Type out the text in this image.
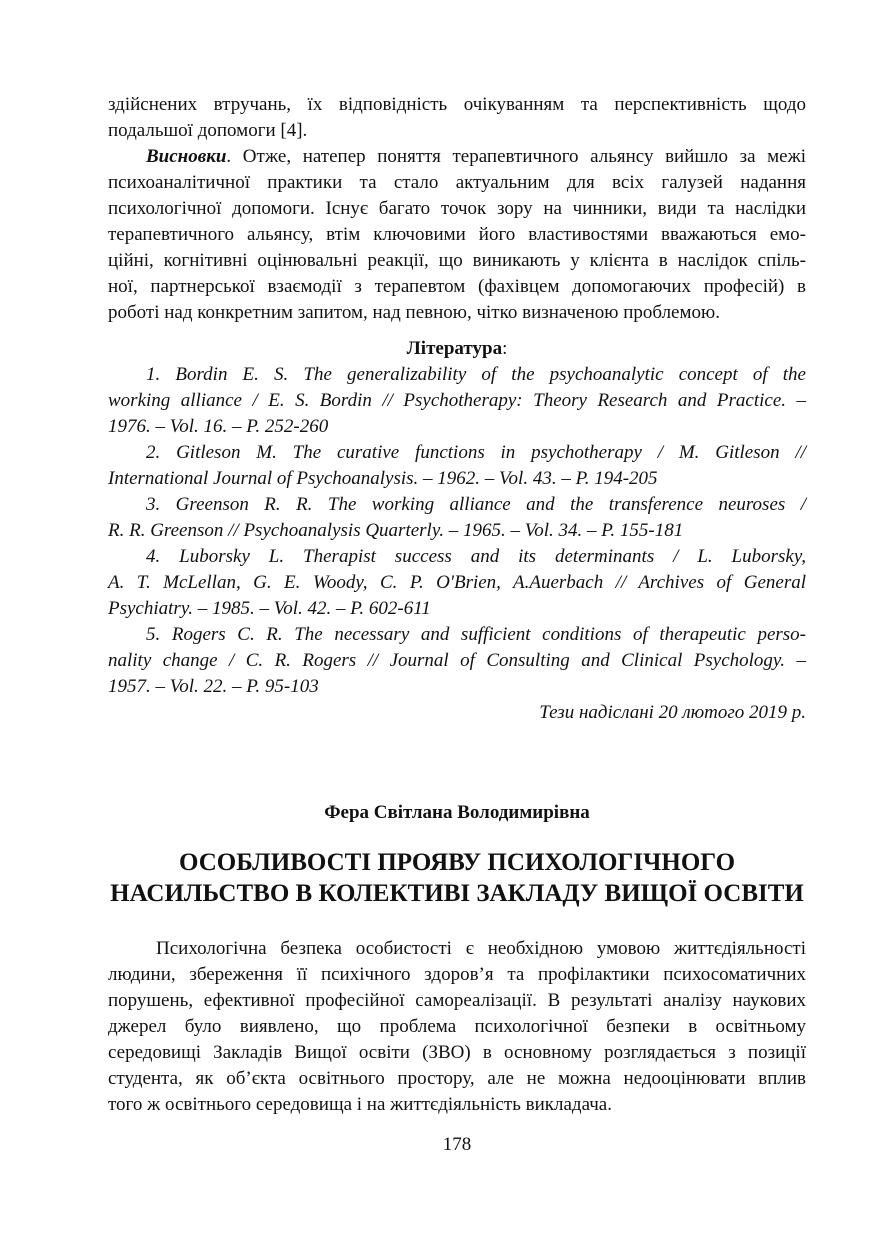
здійснених втручань, їх відповідність очікуванням та перспективність щодо
подальшої допомоги [4].
Висновки. Отже, натепер поняття терапевтичного альянсу вийшло за межі
психоаналітичної практики та стало актуальним для всіх галузей надання
психологічної допомоги. Існує багато точок зору на чинники, види та наслідки
терапевтичного альянсу, втім ключовими його властивостями вважаються емо-
ційні, когнітивні оцінювальні реакції, що виникають у клієнта в наслідок спіль-
ної, партнерської взаємодії з терапевтом (фахівцем допомогаючих професій) в
роботі над конкретним запитом, над певною, чітко визначеною проблемою.
Література:
1. Bordin E. S. The generalizability of the psychoanalytic concept of the
working alliance / E. S. Bordin // Psychotherapy: Theory Research and Practice. –
1976. – Vol. 16. – P. 252-260
2. Gitleson M. The curative functions in psychotherapy / M. Gitleson //
International Journal of Psychoanalysis. – 1962. – Vol. 43. – P. 194-205
3. Greenson R. R. The working alliance and the transference neuroses /
R. R. Greenson // Psychoanalysis Quarterly. – 1965. – Vol. 34. – P. 155-181
4. Luborsky L. Therapist success and its determinants / L. Luborsky,
A. T. McLellan, G. E. Woody, C. P. O'Brien, A.Auerbach // Archives of General
Psychiatry. – 1985. – Vol. 42. – P. 602-611
5. Rogers C. R. The necessary and sufficient conditions of therapeutic perso-
nality change / C. R. Rogers // Journal of Consulting and Clinical Psychology. –
1957. – Vol. 22. – P. 95-103
Тези надіслані 20 лютого 2019 р.
Фера Світлана Володимирівна
ОСОБЛИВОСТІ ПРОЯВУ ПСИХОЛОГІЧНОГО
НАСИЛЬСТВО В КОЛЕКТИВІ ЗАКЛАДУ ВИЩОЇ ОСВІТИ
Психологічна безпека особистості є необхідною умовою життєдіяльності
людини, збереження її психічного здоров’я та профілактики психосоматичних
порушень, ефективної професійної самореалізації. В результаті аналізу наукових
джерел було виявлено, що проблема психологічної безпеки в освітньому
середовищі Закладів Вищої освіти (ЗВО) в основному розглядається з позиції
студента, як об’єкта освітнього простору, але не можна недооцінювати вплив
того ж освітнього середовища і на життєдіяльність викладача.
178
